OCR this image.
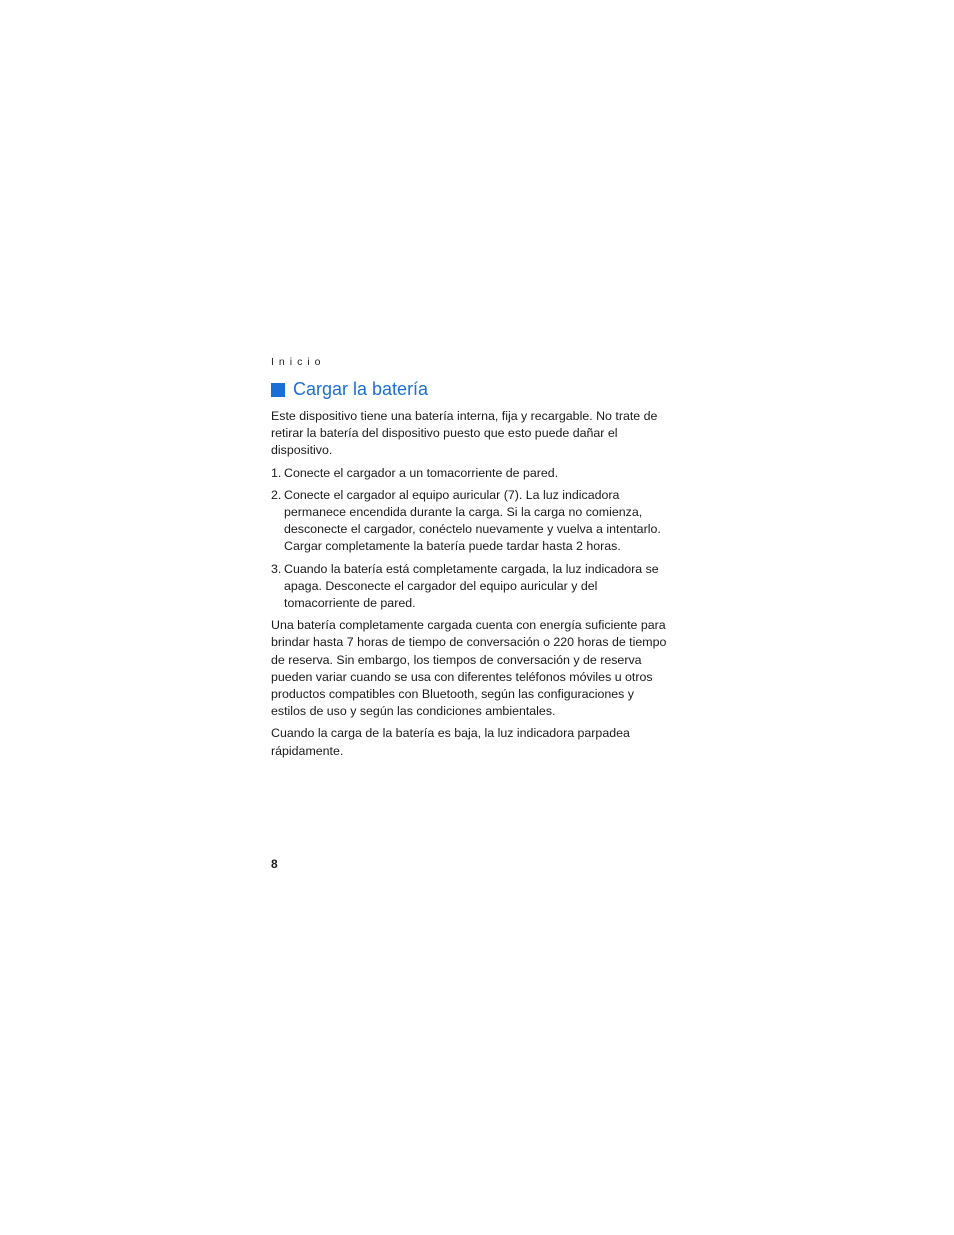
Inicio
Cargar la batería

Este dispositivo tiene una batería interna, fija y recargable. No trate de retirar la batería del dispositivo puesto que esto puede dañar el dispositivo.

1. Conecte el cargador a un tomacorriente de pared.
2. Conecte el cargador al equipo auricular (7). La luz indicadora permanece encendida durante la carga. Si la carga no comienza, desconecte el cargador, conéctelo nuevamente y vuelva a intentarlo. Cargar completamente la batería puede tardar hasta 2 horas.
3. Cuando la batería está completamente cargada, la luz indicadora se apaga. Desconecte el cargador del equipo auricular y del tomacorriente de pared.

Una batería completamente cargada cuenta con energía suficiente para brindar hasta 7 horas de tiempo de conversación o 220 horas de tiempo de reserva. Sin embargo, los tiempos de conversación y de reserva pueden variar cuando se usa con diferentes teléfonos móviles u otros productos compatibles con Bluetooth, según las configuraciones y estilos de uso y según las condiciones ambientales.

Cuando la carga de la batería es baja, la luz indicadora parpadea rápidamente.

8
